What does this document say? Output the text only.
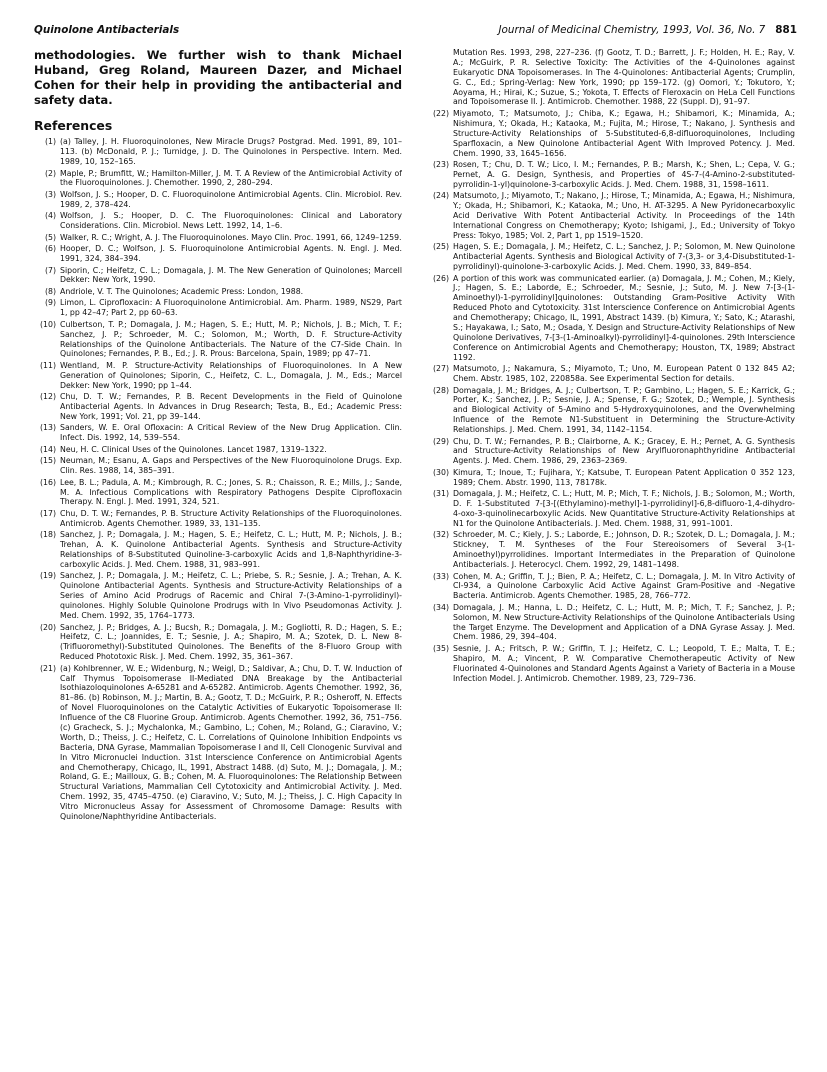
Quinolone Antibacterials	Journal of Medicinal Chemistry, 1993, Vol. 36, No. 7 881

methodologies. We further wish to thank Michael Huband, Greg Roland, Maureen Dazer, and Michael Cohen for their help in providing the antibacterial and safety data.

References

(1) (a) Talley, J. H. Fluoroquinolones, New Miracle Drugs? Postgrad. Med. 1991, 89, 101–113. (b) McDonald, P. J.; Turnidge, J. D. The Quinolones in Perspective. Intern. Med. 1989, 10, 152–165.

(2) Maple, P.; Brumfitt, W.; Hamilton-Miller, J. M. T. A Review of the Antimicrobial Activity of the Fluoroquinolones. J. Chemother. 1990, 2, 280–294.

(3) Wolfson, J. S.; Hooper, D. C. Fluoroquinolone Antimicrobial Agents. Clin. Microbiol. Rev. 1989, 2, 378–424.

(4) Wolfson, J. S.; Hooper, D. C. The Fluoroquinolones: Clinical and Laboratory Considerations. Clin. Microbiol. News Lett. 1992, 14, 1–6.

(5) Walker, R. C.; Wright, A. J. The Fluoroquinolones. Mayo Clin. Proc. 1991, 66, 1249–1259.

(6) Hooper, D. C.; Wolfson, J. S. Fluoroquinolone Antimicrobial Agents. N. Engl. J. Med. 1991, 324, 384–394.

(7) Siporin, C.; Heifetz, C. L.; Domagala, J. M. The New Generation of Quinolones; Marcell Dekker: New York, 1990.

(8) Andriole, V. T. The Quinolones; Academic Press: London, 1988.

(9) Limon, L. Ciprofloxacin: A Fluoroquinolone Antimicrobial. Am. Pharm. 1989, NS29, Part 1, pp 42–47; Part 2, pp 60–63.

(10) Culbertson, T. P.; Domagala, J. M.; Hagen, S. E.; Hutt, M. P.; Nichols, J. B.; Mich, T. F.; Sanchez, J. P.; Schroeder, M. C.; Solomon, M.; Worth, D. F. Structure-Activity Relationships of the Quinolone Antibacterials. The Nature of the C7-Side Chain. In Quinolones; Fernandes, P. B., Ed.; J. R. Prous: Barcelona, Spain, 1989; pp 47–71.

(11) Wentland, M. P. Structure-Activity Relationships of Fluoroquinolones. In A New Generation of Quinolones; Siporin, C., Heifetz, C. L., Domagala, J. M., Eds.; Marcel Dekker: New York, 1990; pp 1–44.

(12) Chu, D. T. W.; Fernandes, P. B. Recent Developments in the Field of Quinolone Antibacterial Agents. In Advances in Drug Research; Testa, B., Ed.; Academic Press: New York, 1991; Vol. 21, pp 39–144.

(13) Sanders, W. E. Oral Ofloxacin: A Critical Review of the New Drug Application. Clin. Infect. Dis. 1992, 14, 539–554.

(14) Neu, H. C. Clinical Uses of the Quinolones. Lancet 1987, 1319–1322.

(15) Neuman, M.; Esanu, A. Gaps and Perspectives of the New Fluoroquinolone Drugs. Exp. Clin. Res. 1988, 14, 385–391.

(16) Lee, B. L.; Padula, A. M.; Kimbrough, R. C.; Jones, S. R.; Chaisson, R. E.; Mills, J.; Sande, M. A. Infectious Complications with Respiratory Pathogens Despite Ciprofloxacin Therapy. N. Engl. J. Med. 1991, 324, 521.

(17) Chu, D. T. W.; Fernandes, P. B. Structure Activity Relationships of the Fluoroquinolones. Antimicrob. Agents Chemother. 1989, 33, 131–135.

(18) Sanchez, J. P.; Domagala, J. M.; Hagen, S. E.; Heifetz, C. L.; Hutt, M. P.; Nichols, J. B.; Trehan, A. K. Quinolone Antibacterial Agents. Synthesis and Structure-Activity Relationships of 8-Substituted Quinoline-3-carboxylic Acids and 1,8-Naphthyridine-3-carboxylic Acids. J. Med. Chem. 1988, 31, 983–991.

(19) Sanchez, J. P.; Domagala, J. M.; Heifetz, C. L.; Priebe, S. R.; Sesnie, J. A.; Trehan, A. K. Quinolone Antibacterial Agents. Synthesis and Structure-Activity Relationships of a Series of Amino Acid Prodrugs of Racemic and Chiral 7-(3-Amino-1-pyrrolidinyl)-quinolones. Highly Soluble Quinolone Prodrugs with In Vivo Pseudomonas Activity. J. Med. Chem. 1992, 35, 1764–1773.

(20) Sanchez, J. P.; Bridges, A. J.; Bucsh, R.; Domagala, J. M.; Gogliotti, R. D.; Hagen, S. E.; Heifetz, C. L.; Joannides, E. T.; Sesnie, J. A.; Shapiro, M. A.; Szotek, D. L. New 8-(Trifluoromethyl)-Substituted Quinolones. The Benefits of the 8-Fluoro Group with Reduced Phototoxic Risk. J. Med. Chem. 1992, 35, 361–367.

(21) (a) Kohlbrenner, W. E.; Widenburg, N.; Weigl, D.; Saldivar, A.; Chu, D. T. W. Induction of Calf Thymus Topoisomerase II-Mediated DNA Breakage by the Antibacterial Isothiazoloquinolones A-65281 and A-65282. Antimicrob. Agents Chemother. 1992, 36, 81–86. (b) Robinson, M. J.; Martin, B. A.; Gootz, T. D.; McGuirk, P. R.; Osheroff, N. Effects of Novel Fluoroquinolones on the Catalytic Activities of Eukaryotic Topoisomerase II: Influence of the C8 Fluorine Group. Antimicrob. Agents Chemother. 1992, 36, 751–756. (c) Gracheck, S. J.; Mychalonka, M.; Gambino, L.; Cohen, M.; Roland, G.; Ciaravino, V.; Worth, D.; Theiss, J. C.; Heifetz, C. L. Correlations of Quinolone Inhibition Endpoints vs Bacteria, DNA Gyrase, Mammalian Topoisomerase I and II, Cell Clonogenic Survival and In Vitro Micronuclei Induction. 31st Interscience Conference on Antimicrobial Agents and Chemotherapy, Chicago, IL, 1991, Abstract 1488. (d) Suto, M. J.; Domagala, J. M.; Roland, G. E.; Mailloux, G. B.; Cohen, M. A. Fluoroquinolones: The Relationship Between Structural Variations, Mammalian Cell Cytotoxicity and Antimicrobial Activity. J. Med. Chem. 1992, 35, 4745–4750. (e) Ciaravino, V.; Suto, M. J.; Theiss, J. C. High Capacity In Vitro Micronucleus Assay for Assessment of Chromosome Damage: Results with Quinolone/Naphthyridine Antibacterials.

Mutation Res. 1993, 298, 227–236. (f) Gootz, T. D.; Barrett, J. F.; Holden, H. E.; Ray, V. A.; McGuirk, P. R. Selective Toxicity: The Activities of the 4-Quinolones against Eukaryotic DNA Topoisomerases. In The 4-Quinolones: Antibacterial Agents; Crumplin, G. C., Ed.; Spring-Verlag: New York, 1990; pp 159–172. (g) Oomori, Y.; Tokutoro, Y.; Aoyama, H.; Hirai, K.; Suzue, S.; Yokota, T. Effects of Fleroxacin on HeLa Cell Functions and Topoisomerase II. J. Antimicrob. Chemother. 1988, 22 (Suppl. D), 91–97.

(22) Miyamoto, T.; Matsumoto, J.; Chiba, K.; Egawa, H.; Shibamori, K.; Minamida, A.; Nishimura, Y.; Okada, H.; Kataoka, M.; Fujita, M.; Hirose, T.; Nakano, J. Synthesis and Structure-Activity Relationships of 5-Substituted-6,8-difluoroquinolones, Including Sparfloxacin, a New Quinolone Antibacterial Agent With Improved Potency. J. Med. Chem. 1990, 33, 1645–1656.

(23) Rosen, T.; Chu, D. T. W.; Lico, I. M.; Fernandes, P. B.; Marsh, K.; Shen, L.; Cepa, V. G.; Pernet, A. G. Design, Synthesis, and Properties of 4S-7-(4-Amino-2-substituted-pyrrolidin-1-yl)quinolone-3-carboxylic Acids. J. Med. Chem. 1988, 31, 1598–1611.

(24) Matsumoto, J.; Miyamoto, T.; Nakano, J.; Hirose, T.; Minamida, A.; Egawa, H.; Nishimura, Y.; Okada, H.; Shibamori, K.; Kataoka, M.; Uno, H. AT-3295. A New Pyridonecarboxylic Acid Derivative With Potent Antibacterial Activity. In Proceedings of the 14th International Congress on Chemotherapy; Kyoto; Ishigami, J., Ed.; University of Tokyo Press: Tokyo, 1985; Vol. 2, Part 1, pp 1519–1520.

(25) Hagen, S. E.; Domagala, J. M.; Heifetz, C. L.; Sanchez, J. P.; Solomon, M. New Quinolone Antibacterial Agents. Synthesis and Biological Activity of 7-(3,3- or 3,4-Disubstituted-1-pyrrolidinyl)-quinolone-3-carboxylic Acids. J. Med. Chem. 1990, 33, 849–854.

(26) A portion of this work was communicated earlier. (a) Domagala, J. M.; Cohen, M.; Kiely, J.; Hagen, S. E.; Laborde, E.; Schroeder, M.; Sesnie, J.; Suto, M. J. New 7-[3-(1-Aminoethyl)-1-pyrrolidinyl]quinolones: Outstanding Gram-Positive Activity With Reduced Photo and Cytotoxicity. 31st Interscience Conference on Antimicrobial Agents and Chemotherapy; Chicago, IL, 1991, Abstract 1439. (b) Kimura, Y.; Sato, K.; Atarashi, S.; Hayakawa, I.; Sato, M.; Osada, Y. Design and Structure-Activity Relationships of New Quinolone Derivatives, 7-[3-(1-Aminoalkyl)-pyrrolidinyl]-4-quinolones. 29th Interscience Conference on Antimicrobial Agents and Chemotherapy; Houston, TX, 1989; Abstract 1192.

(27) Matsumoto, J.; Nakamura, S.; Miyamoto, T.; Uno, M. European Patent 0 132 845 A2; Chem. Abstr. 1985, 102, 220858a. See Experimental Section for details.

(28) Domagala, J. M.; Bridges, A. J.; Culbertson, T. P.; Gambino, L.; Hagen, S. E.; Karrick, G.; Porter, K.; Sanchez, J. P.; Sesnie, J. A.; Spense, F. G.; Szotek, D.; Wemple, J. Synthesis and Biological Activity of 5-Amino and 5-Hydroxyquinolones, and the Overwhelming Influence of the Remote N1-Substituent in Determining the Structure-Activity Relationships. J. Med. Chem. 1991, 34, 1142–1154.

(29) Chu, D. T. W.; Fernandes, P. B.; Clairborne, A. K.; Gracey, E. H.; Pernet, A. G. Synthesis and Structure-Activity Relationships of New Arylfluoronaphthyridine Antibacterial Agents. J. Med. Chem. 1986, 29, 2363–2369.

(30) Kimura, T.; Inoue, T.; Fujihara, Y.; Katsube, T. European Patent Application 0 352 123, 1989; Chem. Abstr. 1990, 113, 78178k.

(31) Domagala, J. M.; Heifetz, C. L.; Hutt, M. P.; Mich, T. F.; Nichols, J. B.; Solomon, M.; Worth, D. F. 1-Substituted 7-[3-[(Ethylamino)-methyl]-1-pyrrolidinyl]-6,8-difluoro-1,4-dihydro-4-oxo-3-quinolinecarboxylic Acids. New Quantitative Structure-Activity Relationships at N1 for the Quinolone Antibacterials. J. Med. Chem. 1988, 31, 991–1001.

(32) Schroeder, M. C.; Kiely, J. S.; Laborde, E.; Johnson, D. R.; Szotek, D. L.; Domagala, J. M.; Stickney, T. M. Syntheses of the Four Stereoisomers of Several 3-(1-Aminoethyl)pyrrolidines. Important Intermediates in the Preparation of Quinolone Antibacterials. J. Heterocycl. Chem. 1992, 29, 1481–1498.

(33) Cohen, M. A.; Griffin, T. J.; Bien, P. A.; Heifetz, C. L.; Domagala, J. M. In Vitro Activity of CI-934, a Quinolone Carboxylic Acid Active Against Gram-Positive and -Negative Bacteria. Antimicrob. Agents Chemother. 1985, 28, 766–772.

(34) Domagala, J. M.; Hanna, L. D.; Heifetz, C. L.; Hutt, M. P.; Mich, T. F.; Sanchez, J. P.; Solomon, M. New Structure-Activity Relationships of the Quinolone Antibacterials Using the Target Enzyme. The Development and Application of a DNA Gyrase Assay. J. Med. Chem. 1986, 29, 394–404.

(35) Sesnie, J. A.; Fritsch, P. W.; Griffin, T. J.; Heifetz, C. L.; Leopold, T. E.; Malta, T. E.; Shapiro, M. A.; Vincent, P. W. Comparative Chemotherapeutic Activity of New Fluorinated 4-Quinolones and Standard Agents Against a Variety of Bacteria in a Mouse Infection Model. J. Antimicrob. Chemother. 1989, 23, 729–736.
